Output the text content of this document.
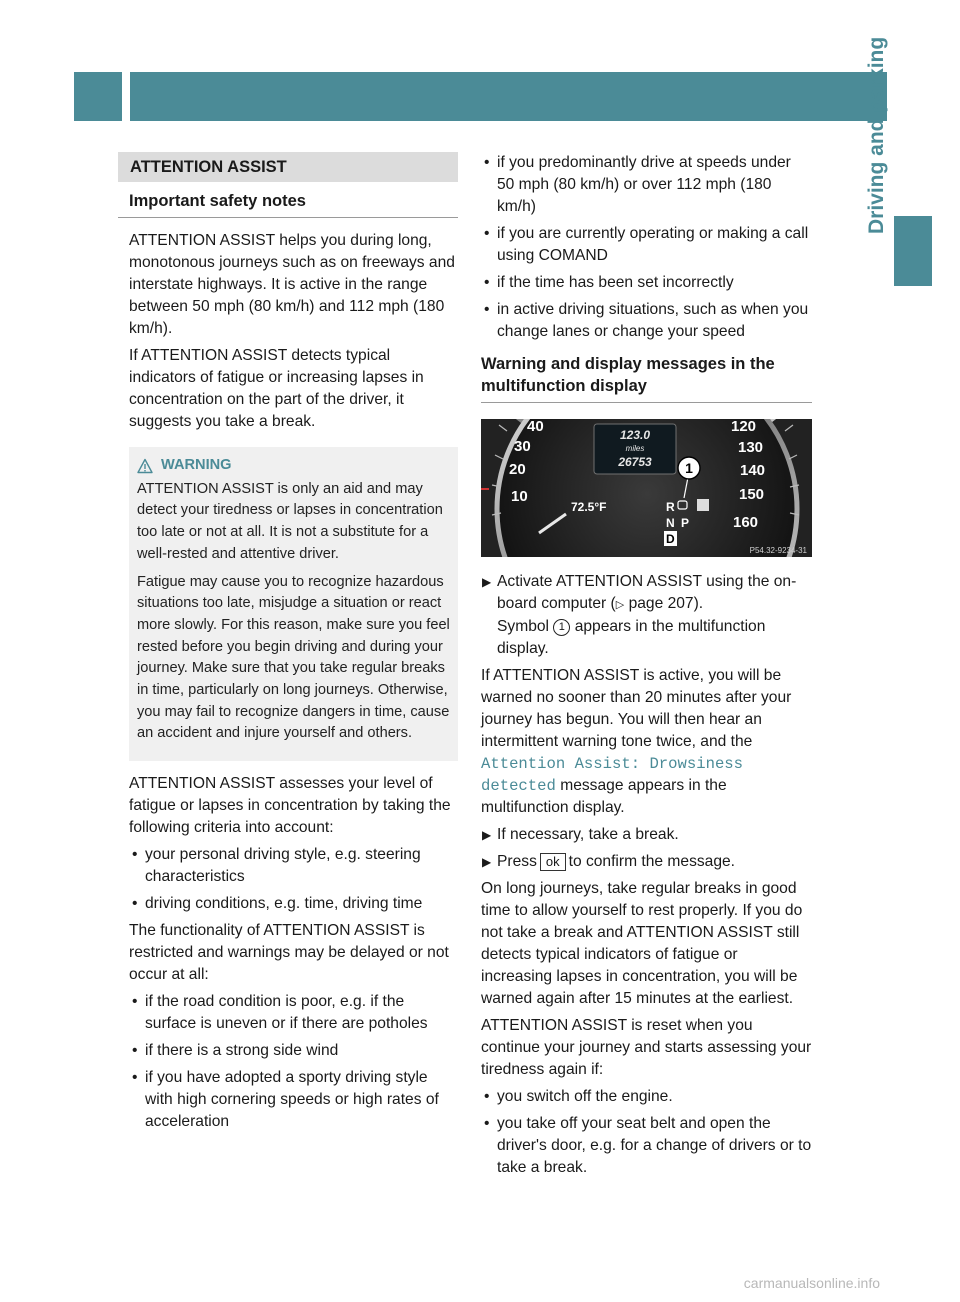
180 Driving systems
Driving and parking
ATTENTION ASSIST
Important safety notes

ATTENTION ASSIST helps you during long, monotonous journeys such as on freeways and interstate highways. It is active in the range between 50 mph (80 km/h) and 112 mph (180 km/h).

If ATTENTION ASSIST detects typical indicators of fatigue or increasing lapses in concentration on the part of the driver, it suggests you take a break.

WARNING

ATTENTION ASSIST is only an aid and may detect your tiredness or lapses in concentration too late or not at all. It is not a substitute for a well-rested and attentive driver.

Fatigue may cause you to recognize hazardous situations too late, misjudge a situation or react more slowly. For this reason, make sure you feel rested before you begin driving and during your journey. Make sure that you take regular breaks in time, particularly on long journeys. Otherwise, you may fail to recognize dangers in time, cause an accident and injure yourself and others.

ATTENTION ASSIST assesses your level of fatigue or lapses in concentration by taking the following criteria into account:

• your personal driving style, e.g. steering characteristics
• driving conditions, e.g. time, driving time

The functionality of ATTENTION ASSIST is restricted and warnings may be delayed or not occur at all:

• if the road condition is poor, e.g. if the surface is uneven or if there are potholes
• if there is a strong side wind
• if you have adopted a sporty driving style with high cornering speeds or high rates of acceleration
• if you predominantly drive at speeds under 50 mph (80 km/h) or over 112 mph (180 km/h)
• if you are currently operating or making a call using COMAND
• if the time has been set incorrectly
• in active driving situations, such as when you change lanes or change your speed
Warning and display messages in the multifunction display
40
30
20
10
120
130
140
150
160
123.0
miles
26753
72.5°F	R
N P
D
1
P54.32-9234-31
▶ Activate ATTENTION ASSIST using the on-board computer (▷ page 207).
Symbol 1 appears in the multifunction display.

If ATTENTION ASSIST is active, you will be warned no sooner than 20 minutes after your journey has begun. You will then hear an intermittent warning tone twice, and the Attention Assist: Drowsiness detected message appears in the multifunction display.

▶ If necessary, take a break.
▶ Press ok to confirm the message.

On long journeys, take regular breaks in good time to allow yourself to rest properly. If you do not take a break and ATTENTION ASSIST still detects typical indicators of fatigue or increasing lapses in concentration, you will be warned again after 15 minutes at the earliest.

ATTENTION ASSIST is reset when you continue your journey and starts assessing your tiredness again if:

• you switch off the engine.
• you take off your seat belt and open the driver's door, e.g. for a change of drivers or to take a break.
carmanualsonline.info
